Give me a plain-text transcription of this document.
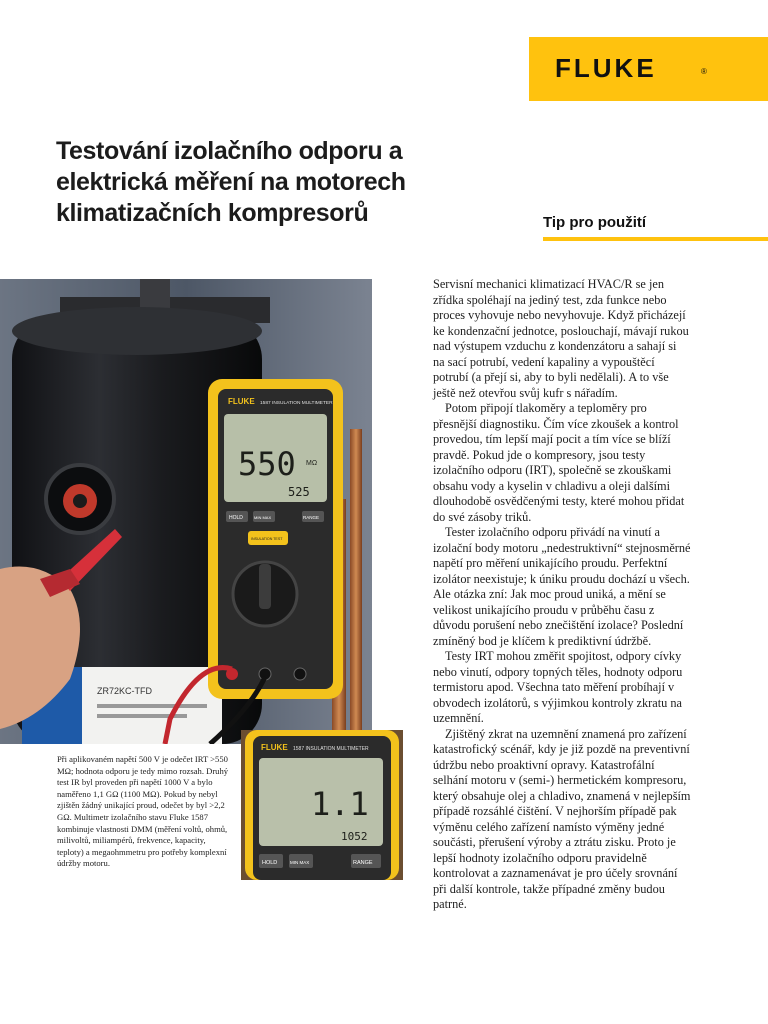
FLUKE	®
Testování izolačního odporu a elektrická měření na motorech klimatizačních kompresorů	Tip pro použití
ZR72KC-TFD
FLUKE 1587 INSULATION MULTIMETER
550 MΩ
525
HOLD	MIN MAX	RANGE
INSULATION TEST
FLUKE 1587 INSULATION MULTIMETER
1.1
1052
HOLD	MIN MAX	RANGE

Při aplikovaném napětí 500 V je odečet IRT >550 MΩ; hodnota odporu je tedy mimo rozsah. Druhý test IR byl proveden při napětí 1000 V a bylo naměřeno 1,1 GΩ (1100 MΩ). Pokud by nebyl zjištěn žádný unikající proud, odečet by byl >2,2 GΩ. Multimetr izolačního stavu Fluke 1587 kombinuje vlastnosti DMM (měření voltů, ohmů, milivoltů, miliampérů, frekvence, kapacity, teploty) a megaohmmetru pro potřeby komplexní údržby motoru.

Servisní mechanici klimatizací HVAC/R se jen zřídka spoléhají na jediný test, zda funkce nebo proces vyhovuje nebo nevyhovuje. Když přicházejí ke kondenzační jednotce, poslouchají, mávají rukou nad výstupem vzduchu z kondenzátoru a sahají si na sací potrubí, vedení kapaliny a vypouštěcí potrubí (a přejí si, aby to byli nedělali). A to vše ještě než otevřou svůj kufr s nářadím.

Potom připojí tlakoměry a teploměry pro přesnější diagnostiku. Čím více zkoušek a kontrol provedou, tím lepší mají pocit a tím více se blíží pravdě. Pokud jde o kompresory, jsou testy izolačního odporu (IRT), společně se zkouškami obsahu vody a kyselin v chladivu a oleji dalšími dlouhodobě osvědčenými testy, které mohou přidat do své zásoby triků.

Tester izolačního odporu přivádí na vinutí a izolační body motoru „nedestruktivní“ stejnosměrné napětí pro měření unikajícího proudu. Perfektní izolátor neexistuje; k úniku proudu dochází u všech. Ale otázka zní: Jak moc proud uniká, a mění se velikost unikajícího proudu v průběhu času z důvodu porušení nebo znečištění izolace? Poslední zmíněný bod je klíčem k prediktivní údržbě.

Testy IRT mohou změřit spojitost, odpory cívky nebo vinutí, odpory topných těles, hodnoty odporu termistoru apod. Všechna tato měření probíhají v obvodech izolátorů, s výjimkou kontroly zkratu na uzemnění.

Zjištěný zkrat na uzemnění znamená pro zařízení katastrofický scénář, kdy je již pozdě na preventivní údržbu nebo proaktivní opravy. Katastrofální selhání motoru v (semi-) hermetickém kompresoru, který obsahuje olej a chladivo, znamená v nejlepším případě rozsáhlé čištění. V nejhorším případě pak výměnu celého zařízení namísto výměny jedné součásti, přerušení výroby a ztrátu zisku. Proto je lepší hodnoty izolačního odporu pravidelně kontrolovat a zaznamenávat je pro účely srovnání při další kontrole, takže případné změny budou patrné.
